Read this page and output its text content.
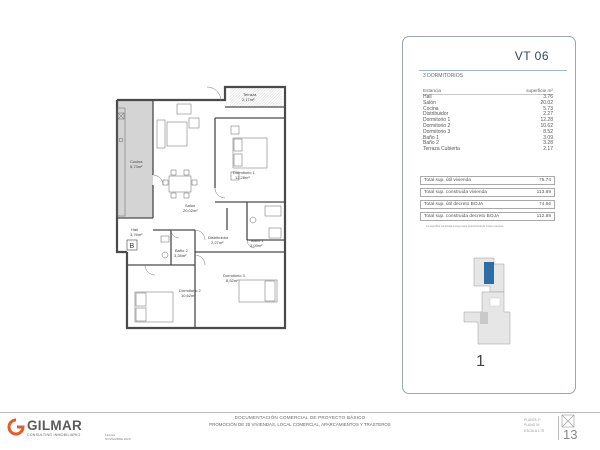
B
Terraza
2,17m²
Cocina
5,73m²
Dormitorio 1
12,28m²
Salón
20,02m²
Hall
3,76m²
Distribuidor
2,27m²	Baño 1
3,09m²
Baño 2
3,28m²
Dormitorio 3
8,52m²
Dormitorio 2
10,62m²
VT 06
3 DORMITORIOS
Estancia	superficie m²
Hall	3.76
Salón	20.02
Cocina	5.73
Distribuidor	2.27
Dormitorio 1	12.28
Dormitorio 2	10.62
Dormitorio 3	8.52
Baño 1	3.09
Baño 2	3.28
Terraza Cubierta	2.17
Total sup. útil vivienda	75.74
Total sup. construida vivienda	113.69
Total sup. útil decreto BOJA	74.66
Total sup. construida decreto BOJA	112.88
La superficie construida incluye parte proporcional de zonas comunes.
1
GILMAR
CONSULTING INMOBILIARIO	FECHA
NOVIEMBRE 2020
DOCUMENTACIÓN COMERCIAL DE PROYECTO BÁSICO
PROMOCIÓN DE 25 VIVIENDAS, LOCAL COMERCIAL, APARCAMIENTOS Y TRASTEROS
PLANTA 1ª
PLANO Nº
ESCALA 1:75 13
